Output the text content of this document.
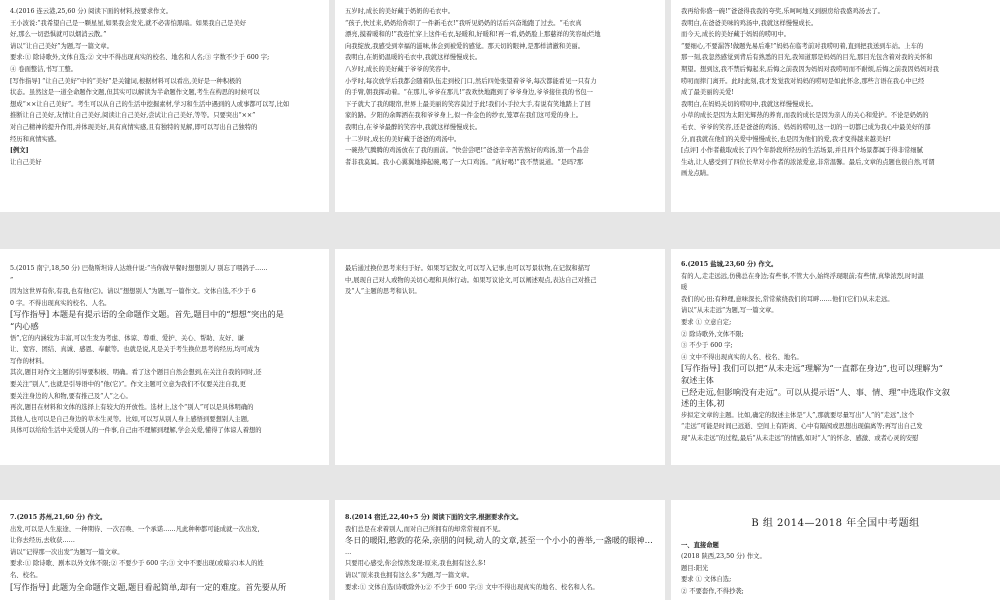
4.(2016 连云港,25,60 分) 阅读下面的材料,按要求作文。

王小波说:“我希望自己是一颗星星,如果我会发光,就不必害怕黑暗。如果我自己是美好

好,那么一切恐惧就可以烟消云散。”

请以“让自己美好”为题,写一篇文章。

要求:① 除诗歌外,文体自选;② 文中不得出现真实的校名、地名和人名;③ 字数不少于 600 字;

④ 卷面整洁,书写工整。

[写作指导] “让自己美好”中的“美好”是关键词,根据材料可以看出,美好是一种积极的

状态。虽然这是一道全命题作文题,但其实可以解读为半命题作文题,考生在构思的时候可以

想成“××让自己美好”。考生可以从自己的生活中挖掘素材,学习和生活中遇到的人或事都可以写,比如

推断让自己美好,友情让自己美好,阅读让自己美好,尝试让自己美好,等等。只要突出“××”

对自己精神的提升作用,并体现美好,具有真情实感,且有独特的见解,即可以写出自己独特的

经历和真情实感。

[例文]

让自己美好

五岁时,成长的美好藏于奶奶的毛衣中。

“孩子,快过来,奶奶给你织了一件新毛衣!”我听见奶奶的话后兴奋地跑了过去。“毛衣真

漂亮,摸着暖和的!”我连忙穿上这件毛衣,轻暖和,好暖和!再一看,奶奶脸上那慈祥的笑容灿烂地

向我绽放,我感受到幸福的滋味,体会到被爱的感觉。那天切的眼神,是那样清澈和美丽。

我明白,在奶奶温暖的毛衣中,我就这样慢慢成长。

八岁时,成长的美好藏于爷爷的笑容中。

小学时,每次放学后我都会随着队伍走到校门口,然后四处张望着爷爷,每次都能看见一只有力

的手臂,朝我挥动着。“在那儿,爷爷在那儿!”我欢快地跑到了爷爷身边,爷爷接住我的书包一

下子就大了我的眼帘,世界上最美丽的笑容莫过于此!我们小手拉大手,有说有笑地踏上了回

家的路。夕阳的余晖洒在我和爷爷身上,似一件金色的纱衣,笼罩在我们这可爱的身上。

我明白,在爷爷最醉的笑容中,我就这样慢慢成长。

十二岁时,成长的美好藏于爸爸的鸡汤中。

一碗热气腾腾的鸡汤放在了我的面前。“快尝尝吧!”爸爸辛辛苦苦熬好的鸡汤,第一个品尝

者非我莫属。我小心翼翼地捧起碗,喝了一大口鸡汤。“真好喝!”我不禁说道。“是吗?那

我再给你盛一碗!”爸爸得我我的夸奖,乐呵呵地又到厨房给我盛鸡汤去了。

我明白,在爸爸美味的鸡汤中,我就这样慢慢成长。

而今天,成长的美好藏于妈妈的唠叨中。

“要细心,不要漏答!做题先易后难!”妈妈在临考前对我唠叨着,直到把我送到车站。上车的

那一刻,我忽然感觉到背后有熟悉的目光,我知道那是妈妈的目光,那目光包含着对我的关怀和

期望。想到这,我不禁后悔起来,后悔之前我因为妈妈对我唠叨而不耐烦,后悔之前我因妈妈对我

唠叨而摔门离开。此时此刻,我才发觉我对妈妈的唠叨是如此怀念,那些言语在我心中已经

成了最美丽的关爱!

我明白,在妈妈关切的唠叨中,我就这样慢慢成长。

小草的成长是因为太阳光辉热的养育,而我的成长是因为亲人的关心和爱护。不论是奶奶的

毛衣、爷爷的笑容,还是爸爸的鸡汤、妈妈的唠叨,这一切的一切都已成为我心中最美好的部

分,而我就在他们的关爱中慢慢成长,也是因为他们的爱,我才变得越来越美好!

[点评] 小作者截取成长了四个年龄段所经历的生活场景,并且四个场景都属于得非常细腻

生动,让人感受到了四位长辈对小作者的浓浓爱意,非常温馨。最后,文章的点题也很自然,可谓

画龙点睛。

5.(2015 南宁,18,50 分) 巴勒斯坦诗人达维什说:“当你做早餐时想想别人/ 别忘了喂鸽子……

”

因为这世界有你,有我,也有他(它)。请以“想想别人”为题,写一篇作文。文体自选,不少于 6

0 字。不得出现真实的校名、人名。

[写作指导] 本题是有提示语的全命题作文题。首先,题目中的“想想”突出的是

“内心感

悟”,它的内涵较为丰富,可以生发为考虑、体谅、尊重、爱护、关心、帮助、友好、谦

让、宽容、团结、真诚、感恩、奉献等。也就是说,凡是关于考生换位思考的经历,均可成为

写作的材料。

其次,题目对作文主题的引导要积极、明确。看了这个题目自然会想到,在关注自我的同时,还

要关注“别人”,也就是引导语中的“他(它)”。作文主题可立意为我们不仅要关注自我,更

要关注身边的人和物,要有推己及“人”之心。

再次,题目在材料和文体的选择上有较大的开放性。选材上,这个“别人”可以是具体明确的

其他人,也可以是自己身边的草木生灵等。比如,可以写从别人身上感悟到要想别人主题,

具体可以给给生活中关爱别人的一件事,自己由不理解到理解,学会关爱,懂得了体谅人着想的

最后通过换位思考来归于好。如果写记叙文,可以写入记事,也可以写景状物,在记叙和描写

中,展现自己对人或物的关切心理和具体行动。如果写议论文,可以阐述观点,表达自己对推己

及“人”主题的思考和认识。

6.(2015 盐城,23,60 分) 作文。

有的人,走走远远,仿佛总在身边;有些事,不管大小,始终浮现眼前;有些情,真挚浓烈,时时温

暖

我们的心田;有种理,意味深长,常常萦绕我们的耳畔……他们(它们)从未走远。

请以“从未走远”为题,写一篇文章。

要求 ① 立意自定;

② 除诗歌外,文体不限;

③ 不少于 600 字;

④ 文中不得出现真实的人名、校名、地名。

[写作指导] 我们可以把“从未走远”理解为“一直都在身边”,也可以理解为“

叙述主体

已经走远,但影响没有走远”。可以从提示语“人、事、情、理”中选取作文叙

述的主体,初

步拟定文章的主题。比如,确定的叙述主体是“人”,那就要尽量写出“人”的“走远”,这个

“走远”可能是时间已远逝、空间上有距离、心中有隔阂或思想出现偏离等;再写出自己发

现“从未走远”的过程,最后“从未走远”的情感,如对“人”的怀念、感激、或者心灵的安慰

7.(2015 苏州,21,60 分) 作文。

出发,可以是人生旅途、一种期待、一次召唤、一个承诺……凡此种种都可能成就一次出发,

让你去经历,去收获……

请以“记得那一次出发”为题写一篇文章。

要求:① 除诗歌、剧本以外文体不限;② 不要少于 600 字;③ 文中不要出现(或暗示)本人的姓

名、校名。

[写作指导] 此题为全命题作文题,题目看起简单,却有一定的难度。首先要从所

8.(2014 宿迁,22,40+5 分) 阅读下面的文字,根据要求作文。

我们总是在求着别人,而对自己所拥有的却常常视而不见。

冬日的暖阳,憨敦的花朵,亲朋的问候,动人的文章,甚至一个小小的善举,一盏暖的眼神…

…

只要用心感受,你会惊然发现:原来,我也拥有这么多!

请以“原来我也拥有这么多”为题,写一篇文章。

要求:① 文体自选(诗歌除外);② 不少于 600 字;③ 文中不得出现真实的地名、校名和人名。

B 组 2014—2018 年全国中考题组

一、直接命题

(2018 陕西,23,50 分) 作文。

题目:阳光

要求 ① 文体自选;

② 不要套作,不得抄袭;
